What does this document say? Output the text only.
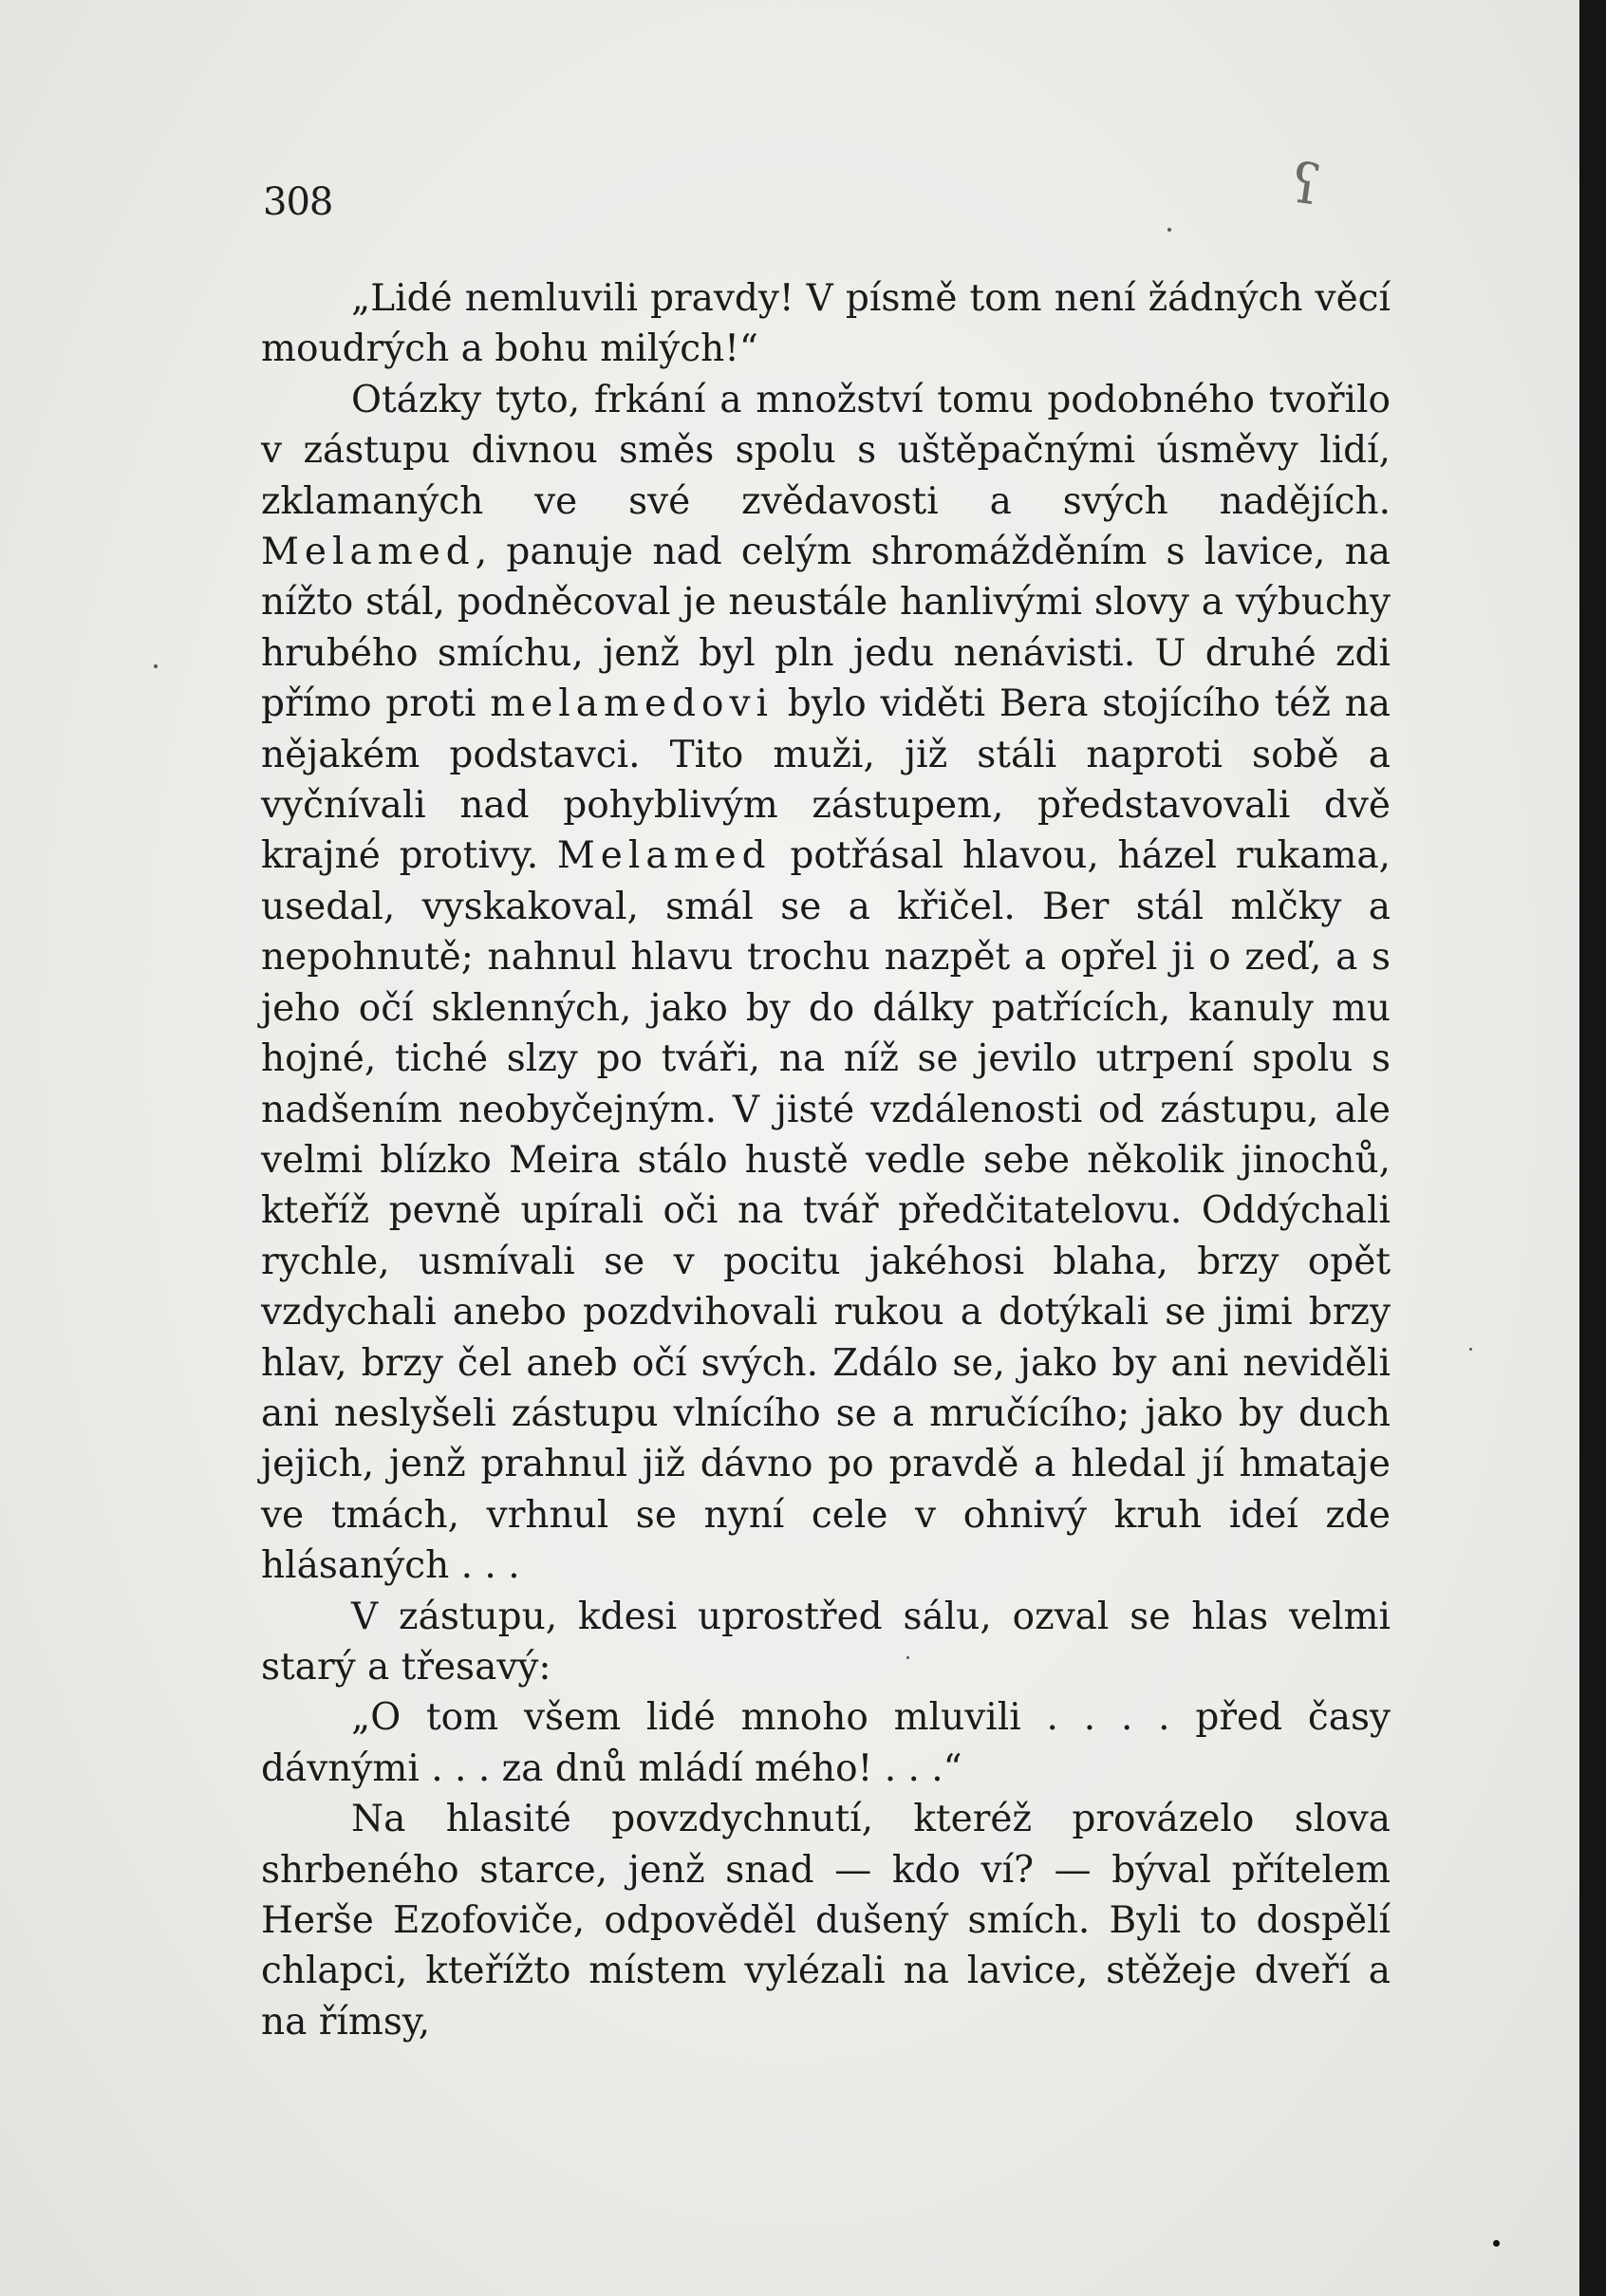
308	ʕ

„Lidé nemluvili pravdy! V písmě tom není žádných věcí moudrých a bohu milých!“

Otázky tyto, frkání a množství tomu podobného tvořilo v zástupu divnou směs spolu s uštěpačnými úsměvy lidí, zklamaných ve své zvědavosti a svých nadějích. Melamed, panuje nad celým shromážděním s lavice, na nížto stál, podněcoval je neustále hanlivými slovy a výbuchy hrubého smíchu, jenž byl pln jedu nenávisti. U druhé zdi přímo proti melamedovi bylo viděti Bera stojícího též na nějakém podstavci. Tito muži, již stáli naproti sobě a vyčnívali nad pohyblivým zástupem, představovali dvě krajné protivy. Melamed potřásal hlavou, házel rukama, usedal, vyskakoval, smál se a křičel. Ber stál mlčky a nepohnutě; nahnul hlavu trochu nazpět a opřel ji o zeď, a s jeho očí sklenných, jako by do dálky patřících, kanuly mu hojné, tiché slzy po tváři, na níž se jevilo utrpení spolu s nadšením neobyčejným. V jisté vzdálenosti od zástupu, ale velmi blízko Meira stálo hustě vedle sebe několik jinochů, kteříž pevně upírali oči na tvář předčitatelovu. Oddýchali rychle, usmívali se v pocitu jakéhosi blaha, brzy opět vzdychali anebo pozdvihovali rukou a dotýkali se jimi brzy hlav, brzy čel aneb očí svých. Zdálo se, jako by ani neviděli ani neslyšeli zástupu vlnícího se a mručícího; jako by duch jejich, jenž prahnul již dávno po pravdě a hledal jí hmataje ve tmách, vrhnul se nyní cele v ohnivý kruh ideí zde hlásaných . . .

V zástupu, kdesi uprostřed sálu, ozval se hlas velmi starý a třesavý:

„O tom všem lidé mnoho mluvili . . . . před časy dávnými . . . za dnů mládí mého! . . .“

Na hlasité povzdychnutí, kteréž provázelo slova shrbeného starce, jenž snad — kdo ví? — býval přítelem Herše Ezofoviče, odpověděl dušený smích. Byli to dospělí chlapci, kteřížto místem vylézali na lavice, stěžeje dveří a na římsy,
